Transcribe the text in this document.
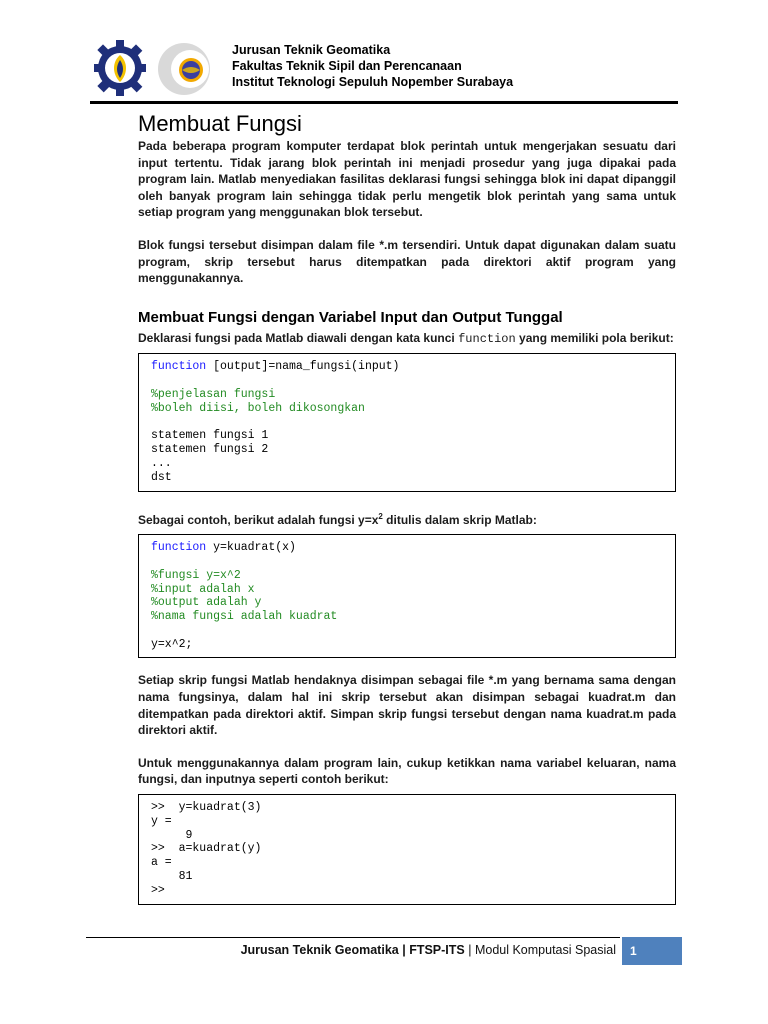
Jurusan Teknik Geomatika
Fakultas Teknik Sipil dan Perencanaan
Institut Teknologi Sepuluh Nopember Surabaya
Membuat Fungsi

Pada beberapa program komputer terdapat blok perintah untuk mengerjakan sesuatu dari input tertentu. Tidak jarang blok perintah ini menjadi prosedur yang juga dipakai pada program lain. Matlab menyediakan fasilitas deklarasi fungsi sehingga blok ini dapat dipanggil oleh banyak program lain sehingga tidak perlu mengetik blok perintah yang sama untuk setiap program yang menggunakan blok tersebut.

Blok fungsi tersebut disimpan dalam file *.m tersendiri. Untuk dapat digunakan dalam suatu program, skrip tersebut harus ditempatkan pada direktori aktif program yang menggunakannya.

Membuat Fungsi dengan Variabel Input dan Output Tunggal

Deklarasi fungsi pada Matlab diawali dengan kata kunci function yang memiliki pola berikut:

function [output]=nama_fungsi(input)

%penjelasan fungsi
%boleh diisi, boleh dikosongkan

statemen fungsi 1
statemen fungsi 2
...
dst

Sebagai contoh, berikut adalah fungsi $y=x^2$ ditulis dalam skrip Matlab:

function y=kuadrat(x)

%fungsi y=x^2
%input adalah x
%output adalah y
%nama fungsi adalah kuadrat

y=x^2;

Setiap skrip fungsi Matlab hendaknya disimpan sebagai file *.m yang bernama sama dengan nama fungsinya, dalam hal ini skrip tersebut akan disimpan sebagai kuadrat.m dan ditempatkan pada direktori aktif. Simpan skrip fungsi tersebut dengan nama kuadrat.m pada direktori aktif.

Untuk menggunakannya dalam program lain, cukup ketikkan nama variabel keluaran, nama fungsi, dan inputnya seperti contoh berikut:

>>  y=kuadrat(3)
y =
9
>>  a=kuadrat(y)
a =
81
>>
Jurusan Teknik Geomatika | FTSP-ITS | Modul Komputasi Spasial 1
